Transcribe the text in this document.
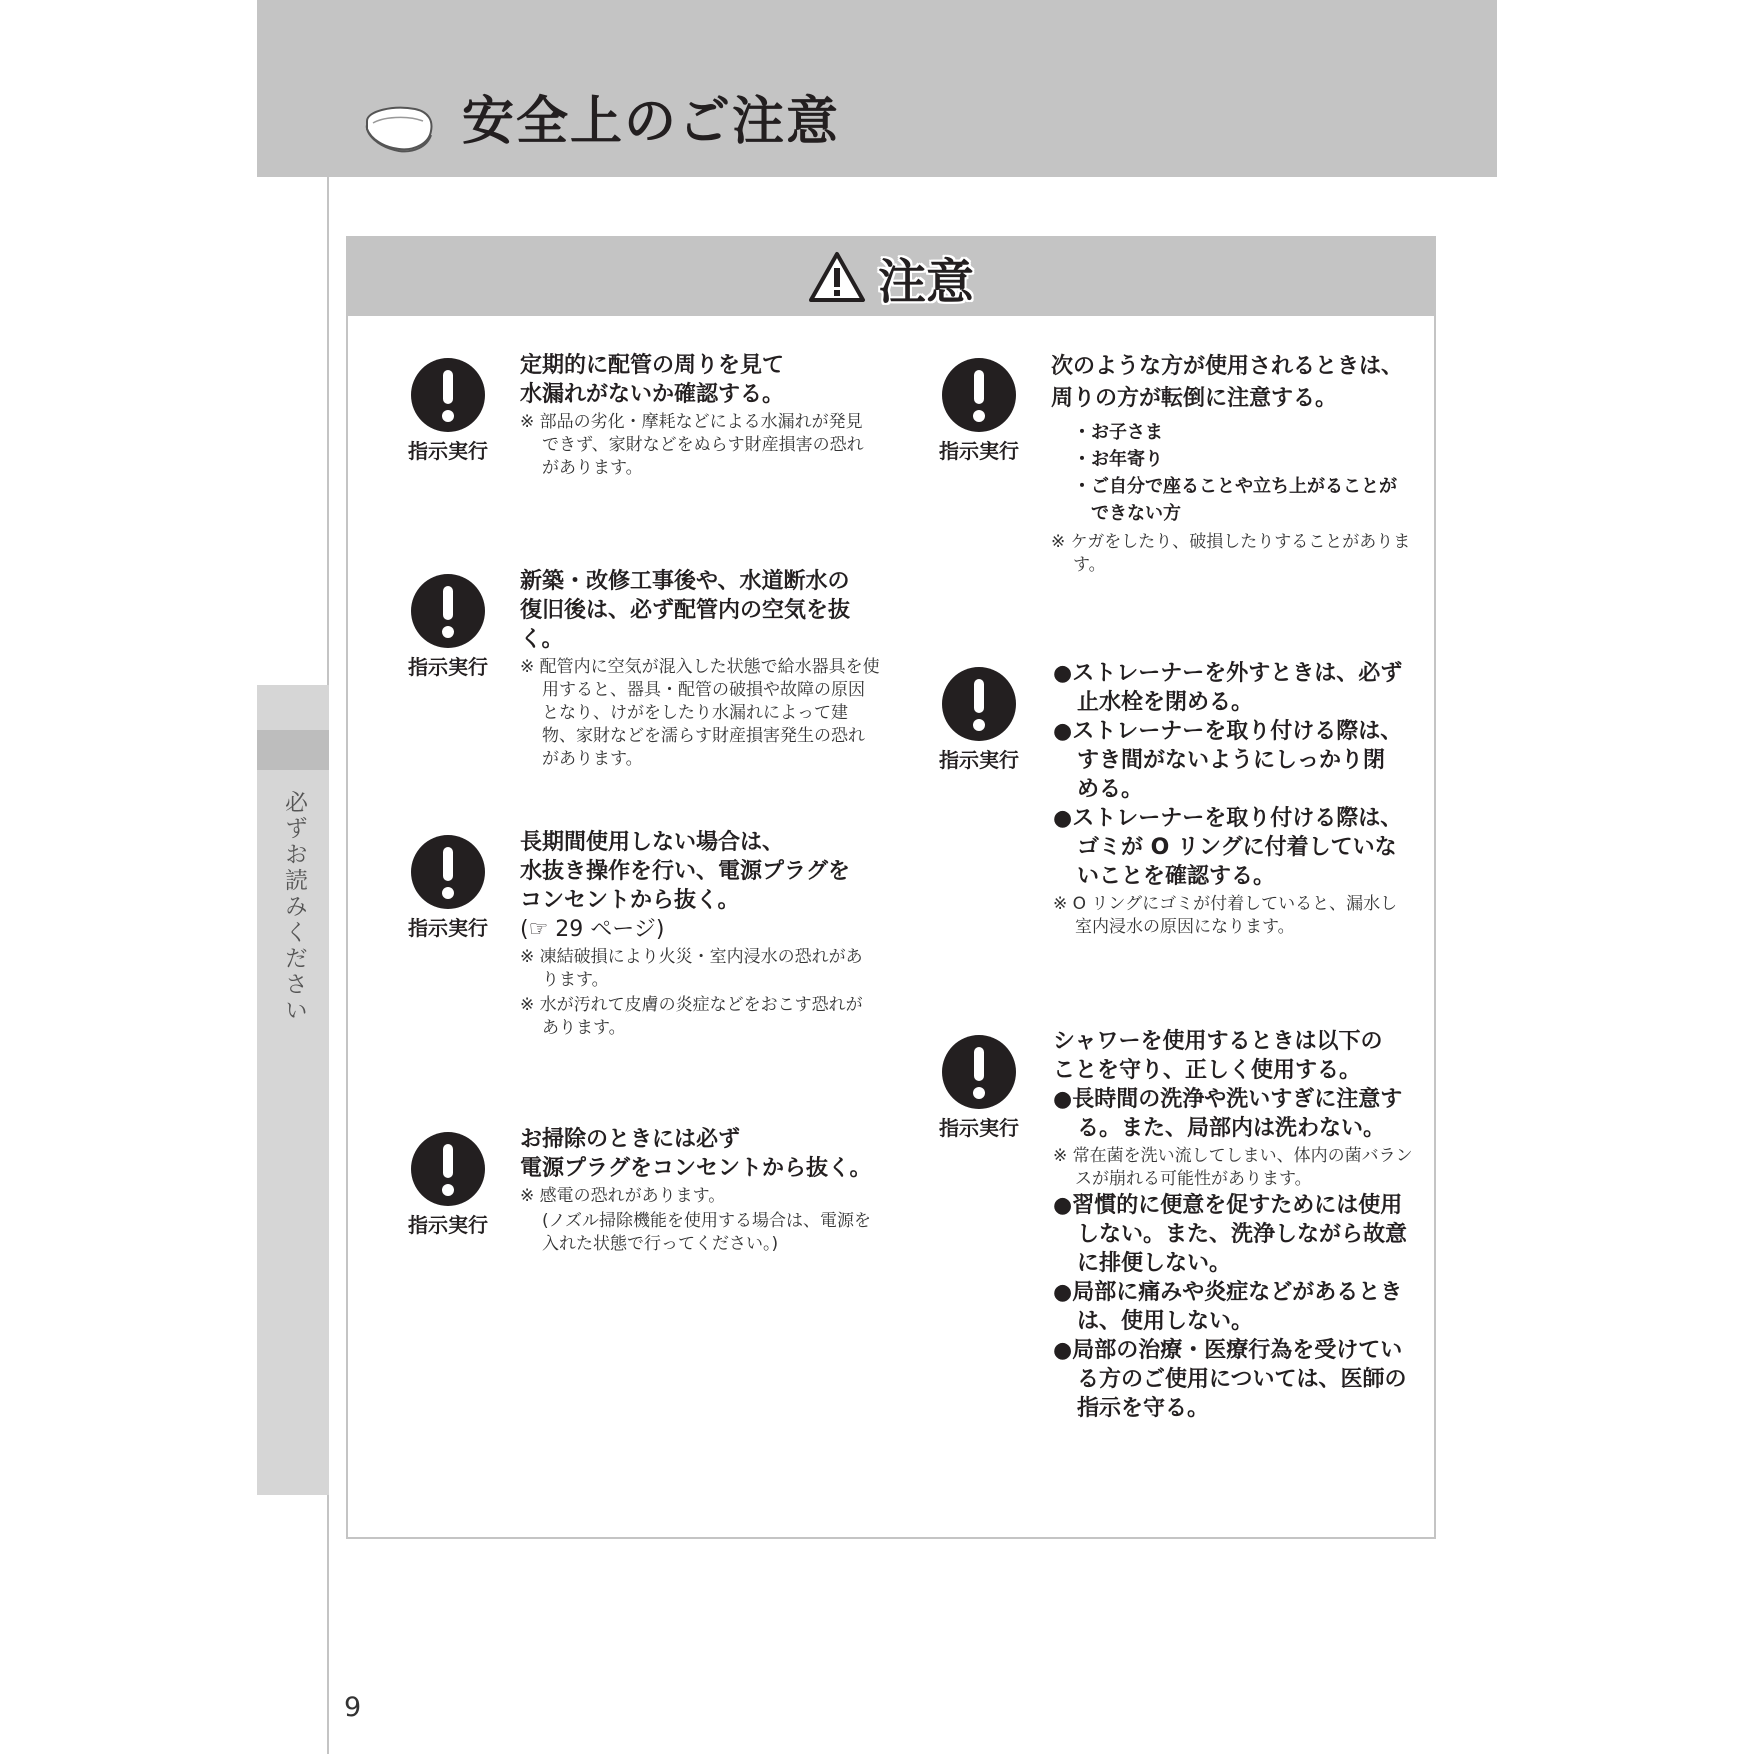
安全上のご注意
必ずお読みください
9
注意
指示実行

定期的に配管の周りを見て
水漏れがないか確認する。

※ 部品の劣化・摩耗などによる水漏れが発見できず、家財などをぬらす財産損害の恐れがあります。

指示実行

新築・改修工事後や、水道断水の
復旧後は、必ず配管内の空気を抜く。

※ 配管内に空気が混入した状態で給水器具を使用すると、器具・配管の破損や故障の原因となり、けがをしたり水漏れによって建物、家財などを濡らす財産損害発生の恐れがあります。

指示実行

長期間使用しない場合は、
水抜き操作を行い、電源プラグを
コンセントから抜く。

(☞ 29 ページ)

※ 凍結破損により火災・室内浸水の恐れがあります。

※ 水が汚れて皮膚の炎症などをおこす恐れがあります。

指示実行

お掃除のときには必ず
電源プラグをコンセントから抜く。

※ 感電の恐れがあります。

(ノズル掃除機能を使用する場合は、電源を入れた状態で行ってください。)

指示実行

次のような方が使用されるときは、
周りの方が転倒に注意する。

・お子さま
・お年寄り
・ご自分で座ることや立ち上がることができない方

※ ケガをしたり、破損したりすることがあります。

指示実行

●ストレーナーを外すときは、必ず止水栓を閉める。

●ストレーナーを取り付ける際は、すき間がないようにしっかり閉める。

●ストレーナーを取り付ける際は、ゴミが O リングに付着していないことを確認する。

※ O リングにゴミが付着していると、漏水し室内浸水の原因になります。

指示実行

シャワーを使用するときは以下の
ことを守り、正しく使用する。

●長時間の洗浄や洗いすぎに注意する。また、局部内は洗わない。

※ 常在菌を洗い流してしまい、体内の菌バランスが崩れる可能性があります。

●習慣的に便意を促すためには使用しない。また、洗浄しながら故意に排便しない。

●局部に痛みや炎症などがあるときは、使用しない。

●局部の治療・医療行為を受けている方のご使用については、医師の指示を守る。
